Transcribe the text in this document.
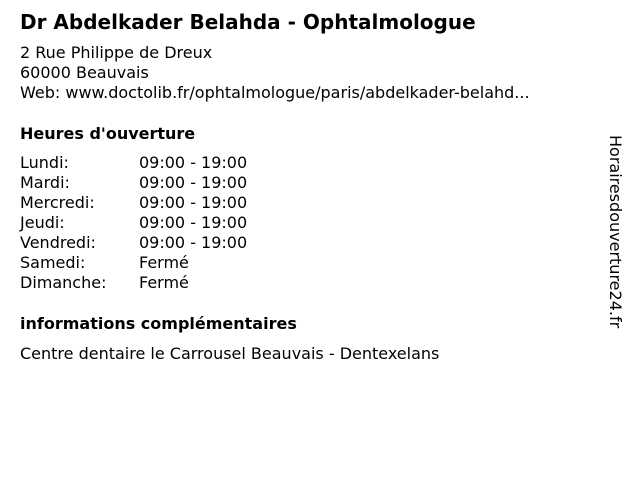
Dr Abdelkader Belahda - Ophtalmologue
2 Rue Philippe de Dreux
60000 Beauvais
Web: www.doctolib.fr/ophtalmologue/paris/abdelkader-belahd...
Heures d'ouverture
Lundi:	09:00 - 19:00
Mardi:	09:00 - 19:00
Mercredi:	09:00 - 19:00
Jeudi:	09:00 - 19:00
Vendredi:	09:00 - 19:00
Samedi:	Fermé
Dimanche: Fermé
informations complémentaires
Centre dentaire le Carrousel Beauvais - Dentexelans
Horairesdouverture24.fr
